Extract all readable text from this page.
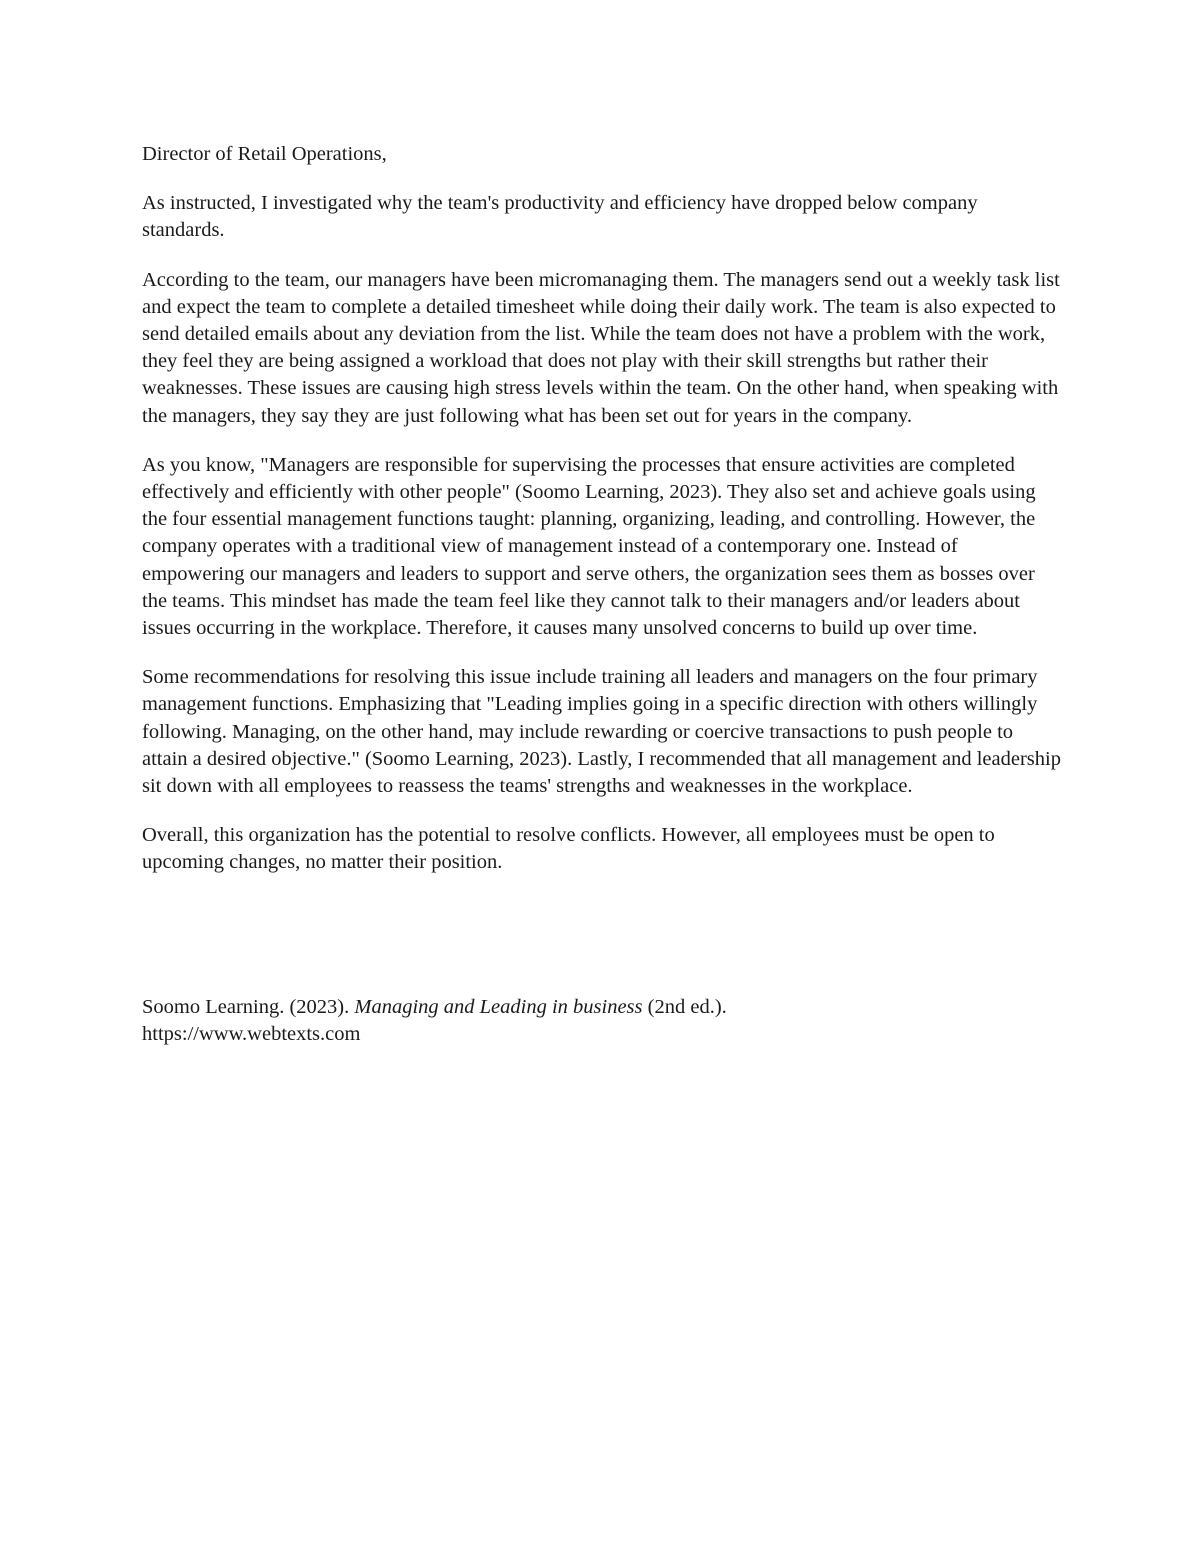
Director of Retail Operations,

As instructed, I investigated why the team's productivity and efficiency have dropped below company standards.

According to the team, our managers have been micromanaging them. The managers send out a weekly task list and expect the team to complete a detailed timesheet while doing their daily work. The team is also expected to send detailed emails about any deviation from the list. While the team does not have a problem with the work, they feel they are being assigned a workload that does not play with their skill strengths but rather their weaknesses. These issues are causing high stress levels within the team. On the other hand, when speaking with the managers, they say they are just following what has been set out for years in the company.

As you know, "Managers are responsible for supervising the processes that ensure activities are completed effectively and efficiently with other people" (Soomo Learning, 2023). They also set and achieve goals using the four essential management functions taught: planning, organizing, leading, and controlling. However, the company operates with a traditional view of management instead of a contemporary one. Instead of empowering our managers and leaders to support and serve others, the organization sees them as bosses over the teams. This mindset has made the team feel like they cannot talk to their managers and/or leaders about issues occurring in the workplace. Therefore, it causes many unsolved concerns to build up over time.

Some recommendations for resolving this issue include training all leaders and managers on the four primary management functions. Emphasizing that "Leading implies going in a specific direction with others willingly following. Managing, on the other hand, may include rewarding or coercive transactions to push people to attain a desired objective." (Soomo Learning, 2023). Lastly, I recommended that all management and leadership sit down with all employees to reassess the teams' strengths and weaknesses in the workplace.

Overall, this organization has the potential to resolve conflicts. However, all employees must be open to upcoming changes, no matter their position.

Soomo Learning. (2023). Managing and Leading in business (2nd ed.).

https://www.webtexts.com
